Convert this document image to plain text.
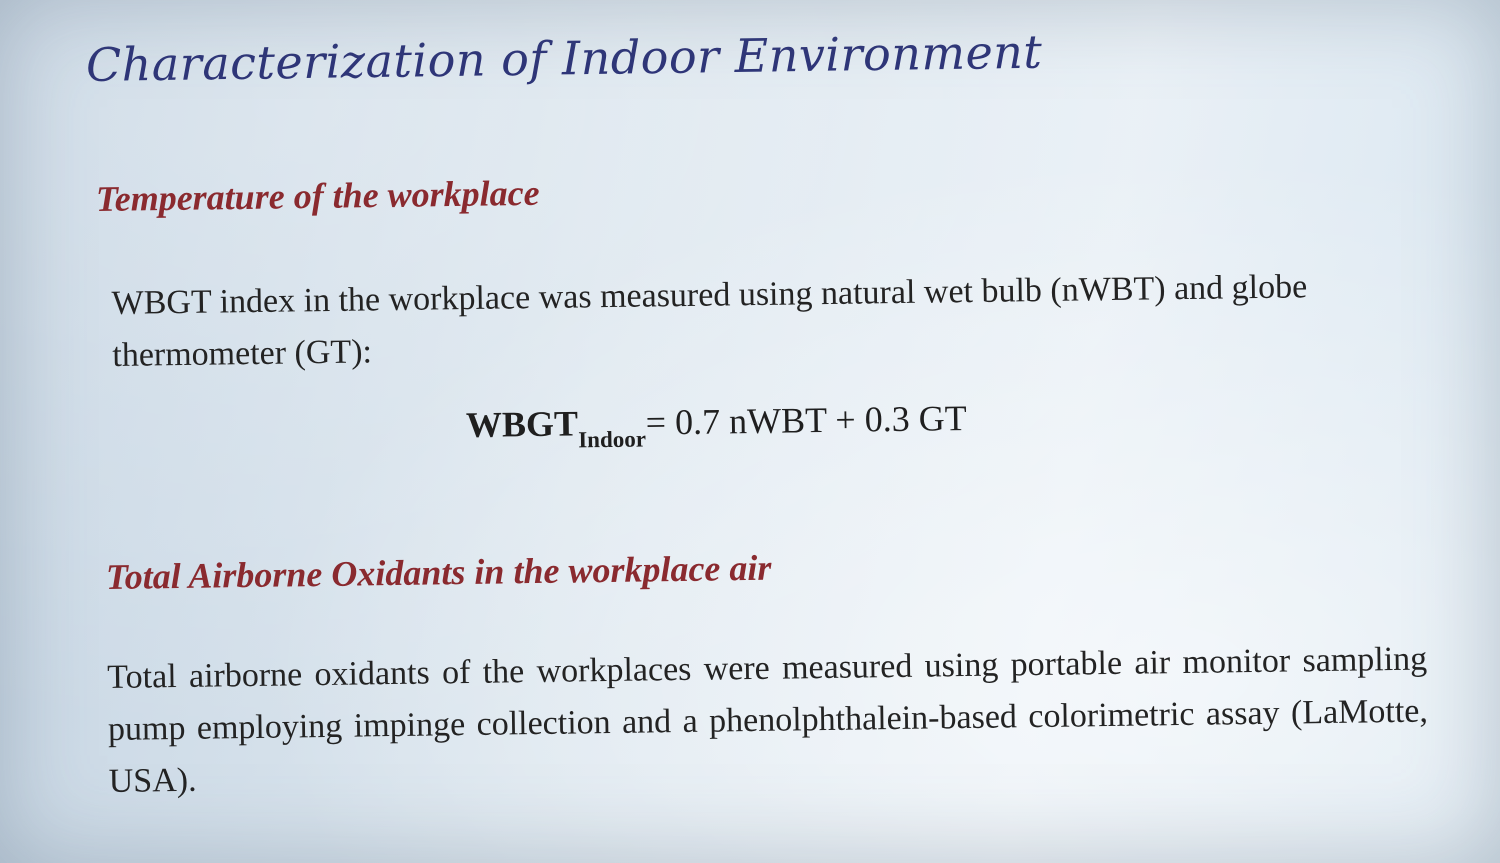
Characterization of Indoor Environment
Temperature of the workplace

WBGT index in the workplace was measured using natural wet bulb (nWBT) and globe thermometer (GT):

$WBGT_{Indoor}= 0.7$ nWBT + 0.3 GT
Total Airborne Oxidants in the workplace air

Total airborne oxidants of the workplaces were measured using portable air monitor sampling pump employing impinge collection and a phenolphthalein-based colorimetric assay (LaMotte, USA).
